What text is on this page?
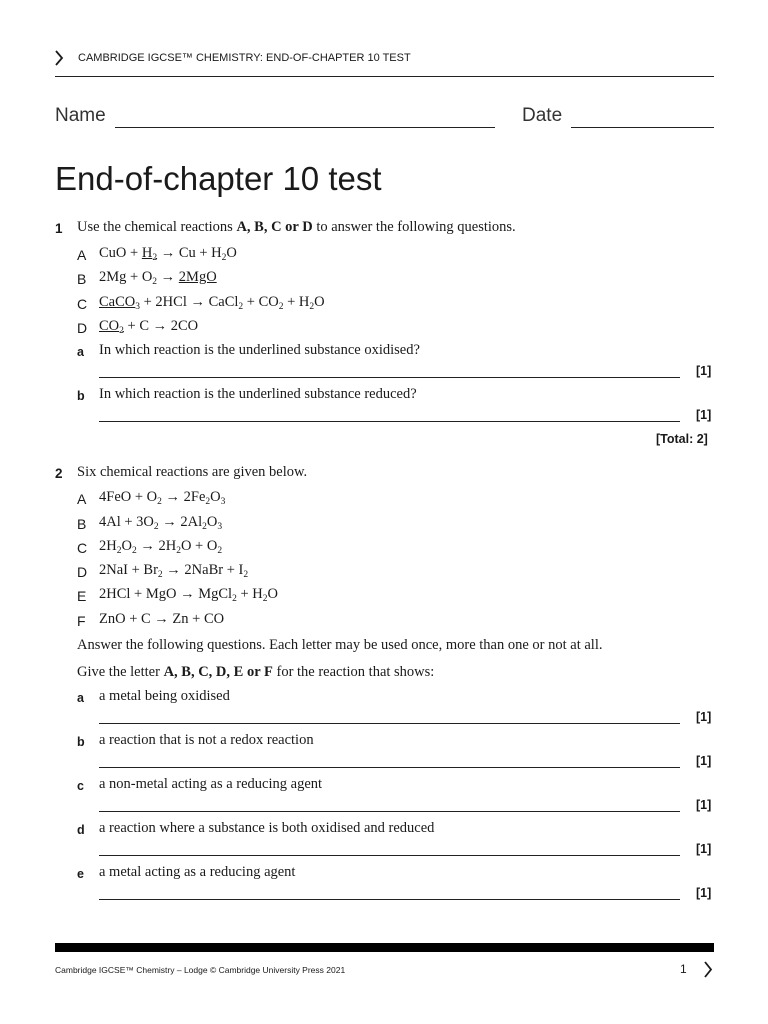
CAMBRIDGE IGCSE™ CHEMISTRY: END-OF-CHAPTER 10 TEST
Name	Date
End-of-chapter 10 test
1 Use the chemical reactions A, B, C or D to answer the following questions.
A CuO + $H_2 \to Cu + H_2O$
B $2Mg + O_2 \to 2MgO$
C CaCO$_3$ + 2HCl → CaCl$_2$ + $CO_2 + H_2O$
D $CO_2 + C \to 2CO$
a In which reaction is the underlined substance oxidised?
[1]
b In which reaction is the underlined substance reduced?
[1]
[Total: 2]
2 Six chemical reactions are given below.
A $4FeO + O_2 \to 2Fe_2O_3$
B $4Al + 3O_2 \to 2Al_2O_3$
C $2H_2O_2 \to 2H_2O + O_2$
D $2NaI + Br_2$ → 2NaBr + $I_2$
E 2HCl + MgO → MgCl$_2$ + $H_2O$
F ZnO + C → Zn + CO
Answer the following questions. Each letter may be used once, more than one or not at all.
Give the letter A, B, C, D, E or F for the reaction that shows:
a a metal being oxidised
[1]
b a reaction that is not a redox reaction
[1]
c a non-metal acting as a reducing agent
[1]
d a reaction where a substance is both oxidised and reduced
[1]
e a metal acting as a reducing agent
[1]
Cambridge IGCSE™ Chemistry – Lodge © Cambridge University Press 2021	1
